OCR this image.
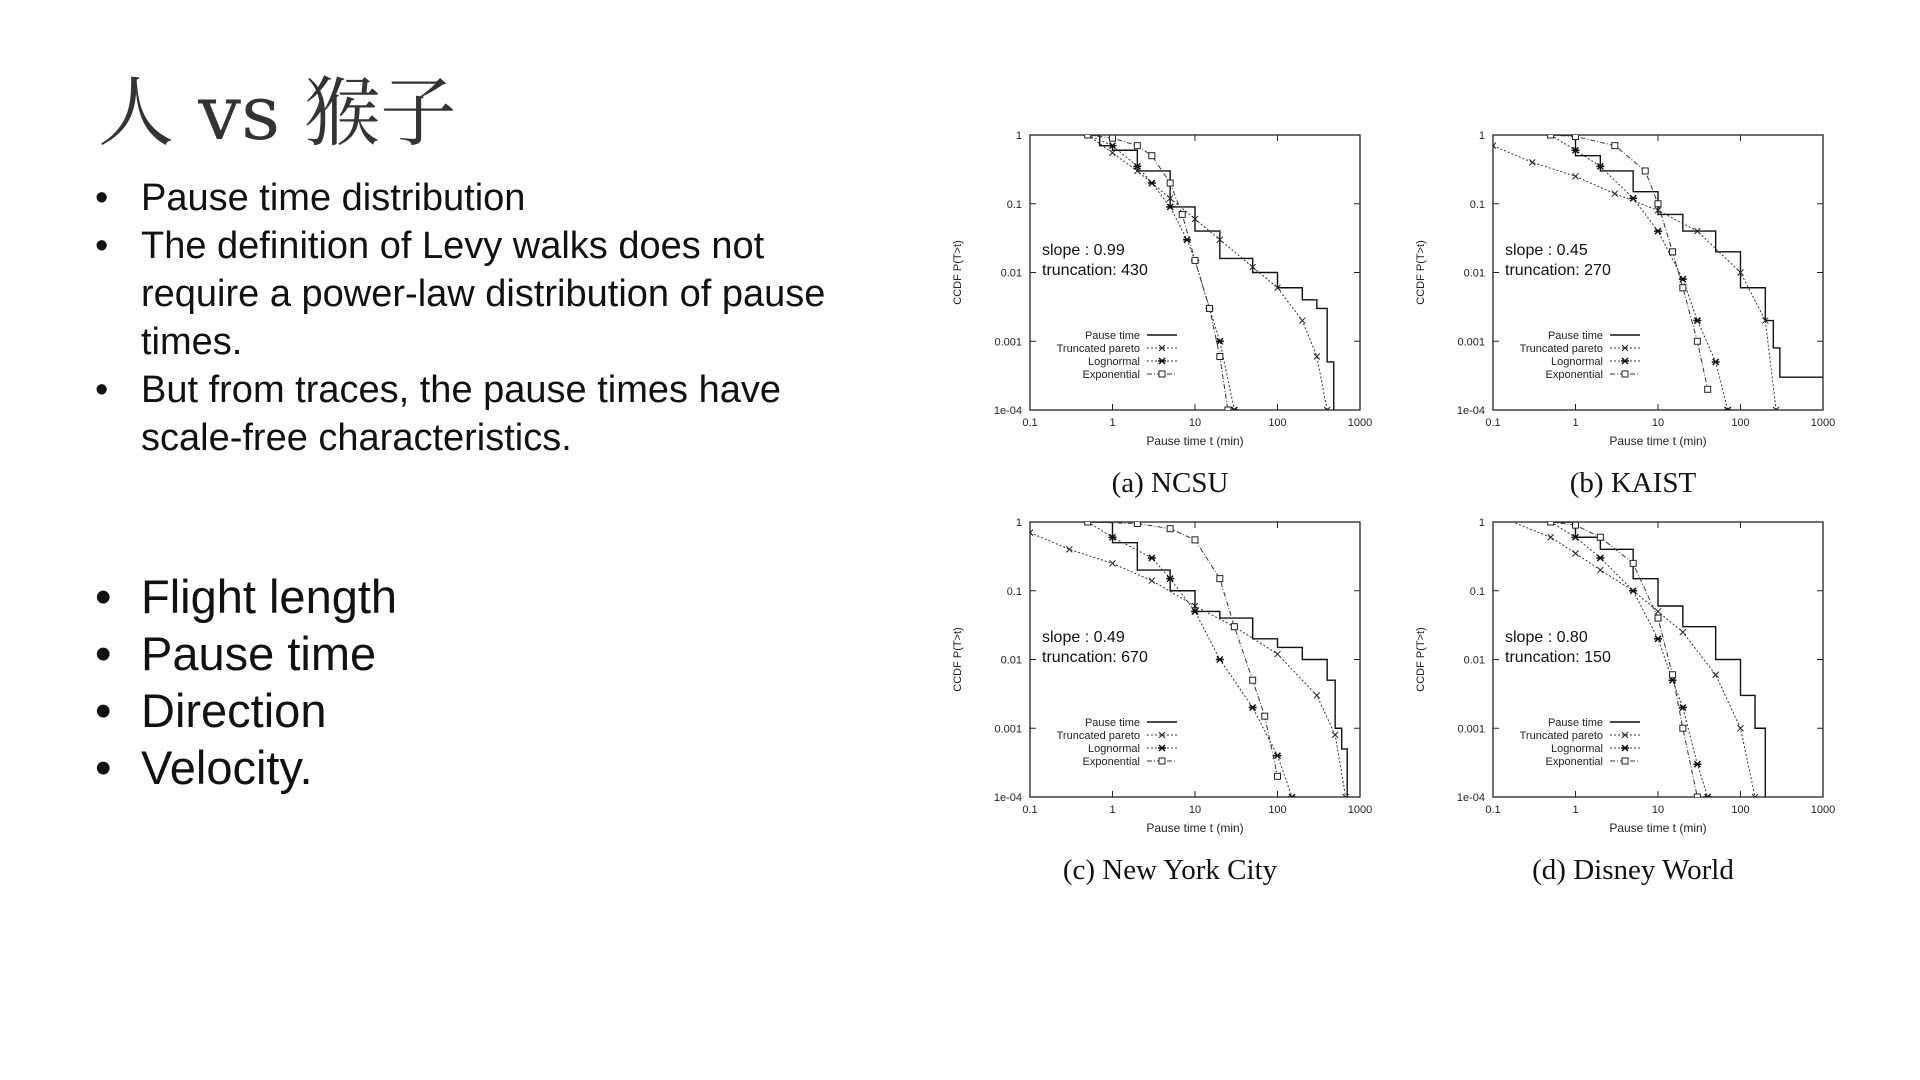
人 vs 猴子
• Pause time distribution
• The definition of Levy walks does not require a power-law distribution of pause times.
• But from traces, the pause times have scale-free characteristics.
• Flight length
• Pause time
• Direction
• Velocity.
0.1	1	10	100	1000
1e-04
0.001
0.01
0.1
1
Pause time t (min)
CCDF P(T>t)	slope : 0.99
truncation: 430
Pause time
Truncated pareto
Lognormal
Exponential
(a) NCSU
0.1	1	10	100	1000
1e-04
0.001
0.01
0.1
1
Pause time t (min)
CCDF P(T>t)	slope : 0.45
truncation: 270
Pause time
Truncated pareto
Lognormal
Exponential
(b) KAIST
0.1	1	10	100	1000
1e-04
0.001
0.01
0.1
1
Pause time t (min)
CCDF P(T>t)	slope : 0.49
truncation: 670
Pause time
Truncated pareto
Lognormal
Exponential
(c) New York City
0.1	1	10	100	1000
1e-04
0.001
0.01
0.1
1
Pause time t (min)
CCDF P(T>t)	slope : 0.80
truncation: 150
Pause time
Truncated pareto
Lognormal
Exponential
(d) Disney World
